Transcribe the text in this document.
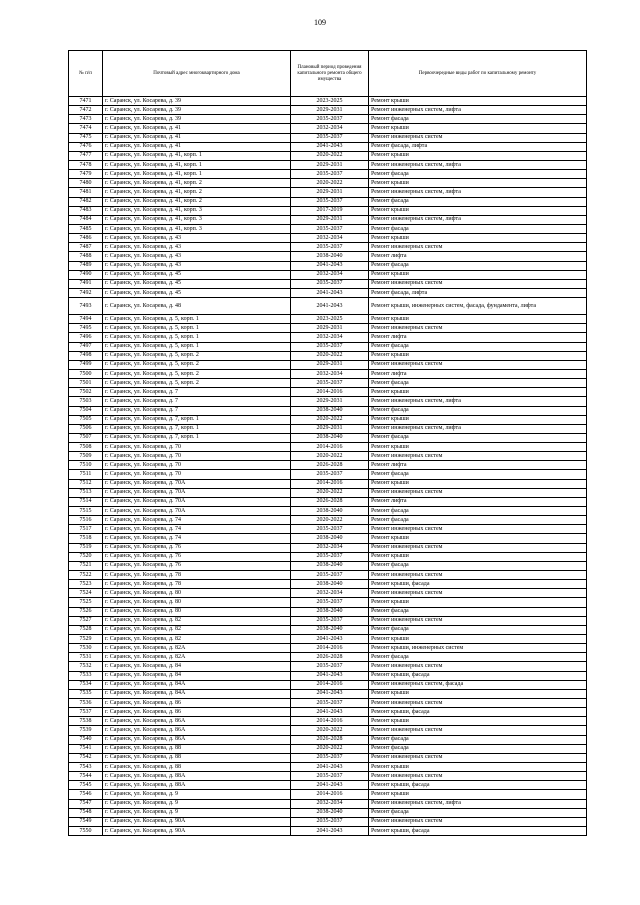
109
№ п/п	Почтовый адрес многоквартирного дома	Плановый период проведения капитального ремонта общего имущества	Первоочередные виды работ по капитальному ремонту
7471	г. Саранск, ул. Косарева, д. 39	2023-2025	Ремонт крыши
7472	г. Саранск, ул. Косарева, д. 39	2029-2031	Ремонт инженерных систем, лифта
7473	г. Саранск, ул. Косарева, д. 39	2035-2037	Ремонт фасада
7474	г. Саранск, ул. Косарева, д. 41	2032-2034	Ремонт крыши
7475	г. Саранск, ул. Косарева, д. 41	2035-2037	Ремонт инженерных систем
7476	г. Саранск, ул. Косарева, д. 41	2041-2043	Ремонт фасада, лифта
7477	г. Саранск, ул. Косарева, д. 41, корп. 1	2020-2022	Ремонт крыши
7478	г. Саранск, ул. Косарева, д. 41, корп. 1	2029-2031	Ремонт инженерных систем, лифта
7479	г. Саранск, ул. Косарева, д. 41, корп. 1	2035-2037	Ремонт фасада
7480	г. Саранск, ул. Косарева, д. 41, корп. 2	2020-2022	Ремонт крыши
7481	г. Саранск, ул. Косарева, д. 41, корп. 2	2029-2031	Ремонт инженерных систем, лифта
7482	г. Саранск, ул. Косарева, д. 41, корп. 2	2035-2037	Ремонт фасада
7483	г. Саранск, ул. Косарева, д. 41, корп. 3	2017-2019	Ремонт крыши
7484	г. Саранск, ул. Косарева, д. 41, корп. 3	2029-2031	Ремонт инженерных систем, лифта
7485	г. Саранск, ул. Косарева, д. 41, корп. 3	2035-2037	Ремонт фасада
7486	г. Саранск, ул. Косарева, д. 43	2032-2034	Ремонт крыши
7487	г. Саранск, ул. Косарева, д. 43	2035-2037	Ремонт инженерных систем
7488	г. Саранск, ул. Косарева, д. 43	2038-2040	Ремонт лифта
7489	г. Саранск, ул. Косарева, д. 43	2041-2043	Ремонт фасада
7490	г. Саранск, ул. Косарева, д. 45	2032-2034	Ремонт крыши
7491	г. Саранск, ул. Косарева, д. 45	2035-2037	Ремонт инженерных систем
7492	г. Саранск, ул. Косарева, д. 45	2041-2043	Ремонт фасада, лифта
7493	г. Саранск, ул. Косарева, д. 48	2041-2043	Ремонт крыши, инженерных систем, фасада, фундамента, лифта
7494	г. Саранск, ул. Косарева, д. 5, корп. 1	2023-2025	Ремонт крыши
7495	г. Саранск, ул. Косарева, д. 5, корп. 1	2029-2031	Ремонт инженерных систем
7496	г. Саранск, ул. Косарева, д. 5, корп. 1	2032-2034	Ремонт лифта
7497	г. Саранск, ул. Косарева, д. 5, корп. 1	2035-2037	Ремонт фасада
7498	г. Саранск, ул. Косарева, д. 5, корп. 2	2020-2022	Ремонт крыши
7499	г. Саранск, ул. Косарева, д. 5, корп. 2	2029-2031	Ремонт инженерных систем
7500	г. Саранск, ул. Косарева, д. 5, корп. 2	2032-2034	Ремонт лифта
7501	г. Саранск, ул. Косарева, д. 5, корп. 2	2035-2037	Ремонт фасада
7502	г. Саранск, ул. Косарева, д. 7	2014-2016	Ремонт крыши
7503	г. Саранск, ул. Косарева, д. 7	2029-2031	Ремонт инженерных систем, лифта
7504	г. Саранск, ул. Косарева, д. 7	2038-2040	Ремонт фасада
7505	г. Саранск, ул. Косарева, д. 7, корп. 1	2020-2022	Ремонт крыши
7506	г. Саранск, ул. Косарева, д. 7, корп. 1	2029-2031	Ремонт инженерных систем, лифта
7507	г. Саранск, ул. Косарева, д. 7, корп. 1	2038-2040	Ремонт фасада
7508	г. Саранск, ул. Косарева, д. 70	2014-2016	Ремонт крыши
7509	г. Саранск, ул. Косарева, д. 70	2020-2022	Ремонт инженерных систем
7510	г. Саранск, ул. Косарева, д. 70	2026-2028	Ремонт лифта
7511	г. Саранск, ул. Косарева, д. 70	2035-2037	Ремонт фасада
7512	г. Саранск, ул. Косарева, д. 70А	2014-2016	Ремонт крыши
7513	г. Саранск, ул. Косарева, д. 70А	2020-2022	Ремонт инженерных систем
7514	г. Саранск, ул. Косарева, д. 70А	2026-2028	Ремонт лифта
7515	г. Саранск, ул. Косарева, д. 70А	2038-2040	Ремонт фасада
7516	г. Саранск, ул. Косарева, д. 74	2020-2022	Ремонт фасада
7517	г. Саранск, ул. Косарева, д. 74	2035-2037	Ремонт инженерных систем
7518	г. Саранск, ул. Косарева, д. 74	2038-2040	Ремонт крыши
7519	г. Саранск, ул. Косарева, д. 76	2032-2034	Ремонт инженерных систем
7520	г. Саранск, ул. Косарева, д. 76	2035-2037	Ремонт крыши
7521	г. Саранск, ул. Косарева, д. 76	2038-2040	Ремонт фасада
7522	г. Саранск, ул. Косарева, д. 78	2035-2037	Ремонт инженерных систем
7523	г. Саранск, ул. Косарева, д. 78	2038-2040	Ремонт крыши, фасада
7524	г. Саранск, ул. Косарева, д. 80	2032-2034	Ремонт инженерных систем
7525	г. Саранск, ул. Косарева, д. 80	2035-2037	Ремонт крыши
7526	г. Саранск, ул. Косарева, д. 80	2038-2040	Ремонт фасада
7527	г. Саранск, ул. Косарева, д. 82	2035-2037	Ремонт инженерных систем
7528	г. Саранск, ул. Косарева, д. 82	2038-2040	Ремонт фасада
7529	г. Саранск, ул. Косарева, д. 82	2041-2043	Ремонт крыши
7530	г. Саранск, ул. Косарева, д. 82А	2014-2016	Ремонт крыши, инженерных систем
7531	г. Саранск, ул. Косарева, д. 82А	2026-2028	Ремонт фасада
7532	г. Саранск, ул. Косарева, д. 84	2035-2037	Ремонт инженерных систем
7533	г. Саранск, ул. Косарева, д. 84	2041-2043	Ремонт крыши, фасада
7534	г. Саранск, ул. Косарева, д. 84А	2014-2016	Ремонт инженерных систем, фасада
7535	г. Саранск, ул. Косарева, д. 84А	2041-2043	Ремонт крыши
7536	г. Саранск, ул. Косарева, д. 86	2035-2037	Ремонт инженерных систем
7537	г. Саранск, ул. Косарева, д. 86	2041-2043	Ремонт крыши, фасада
7538	г. Саранск, ул. Косарева, д. 86А	2014-2016	Ремонт крыши
7539	г. Саранск, ул. Косарева, д. 86А	2020-2022	Ремонт инженерных систем
7540	г. Саранск, ул. Косарева, д. 86А	2026-2028	Ремонт фасада
7541	г. Саранск, ул. Косарева, д. 88	2020-2022	Ремонт фасада
7542	г. Саранск, ул. Косарева, д. 88	2035-2037	Ремонт инженерных систем
7543	г. Саранск, ул. Косарева, д. 88	2041-2043	Ремонт крыши
7544	г. Саранск, ул. Косарева, д. 88А	2035-2037	Ремонт инженерных систем
7545	г. Саранск, ул. Косарева, д. 88А	2041-2043	Ремонт крыши, фасада
7546	г. Саранск, ул. Косарева, д. 9	2014-2016	Ремонт крыши
7547	г. Саранск, ул. Косарева, д. 9	2032-2034	Ремонт инженерных систем, лифта
7548	г. Саранск, ул. Косарева, д. 9	2038-2040	Ремонт фасада
7549	г. Саранск, ул. Косарева, д. 90А	2035-2037	Ремонт инженерных систем
7550	г. Саранск, ул. Косарева, д. 90А	2041-2043	Ремонт крыши, фасада
